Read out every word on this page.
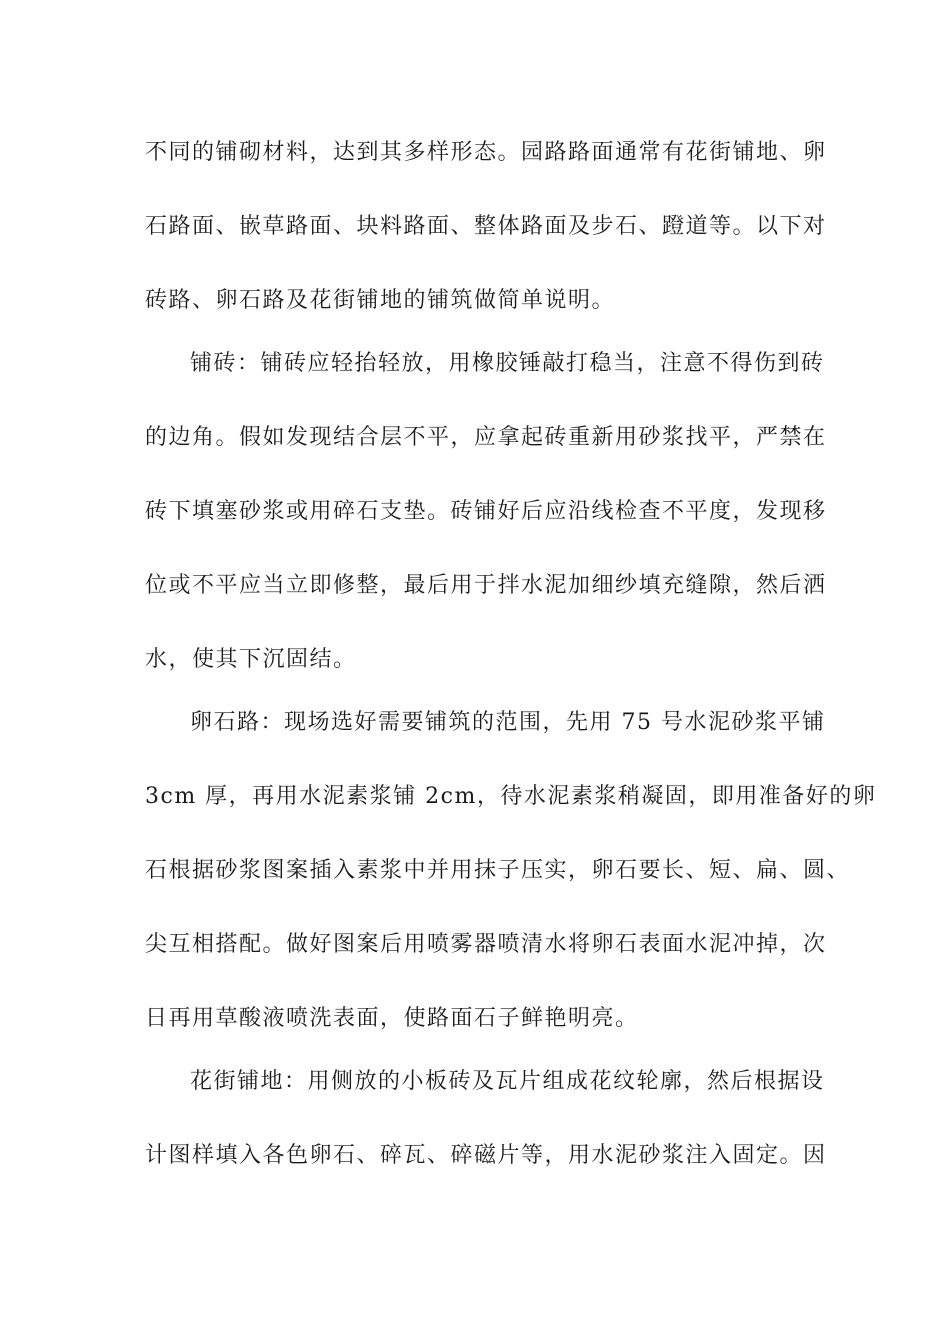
不同的铺砌材料，达到其多样形态。园路路面通常有花街铺地、卵
石路面、嵌草路面、块料路面、整体路面及步石、蹬道等。以下对
砖路、卵石路及花街铺地的铺筑做简单说明。
铺砖：铺砖应轻抬轻放，用橡胶锤敲打稳当，注意不得伤到砖
的边角。假如发现结合层不平，应拿起砖重新用砂浆找平，严禁在
砖下填塞砂浆或用碎石支垫。砖铺好后应沿线检查不平度，发现移
位或不平应当立即修整，最后用于拌水泥加细纱填充缝隙，然后洒
水，使其下沉固结。
卵石路：现场选好需要铺筑的范围，先用 75 号水泥砂浆平铺
3cm 厚，再用水泥素浆铺 2cm，待水泥素浆稍凝固，即用准备好的卵
石根据砂浆图案插入素浆中并用抹子压实，卵石要长、短、扁、圆、
尖互相搭配。做好图案后用喷雾器喷清水将卵石表面水泥冲掉，次
日再用草酸液喷洗表面，使路面石子鲜艳明亮。
花街铺地：用侧放的小板砖及瓦片组成花纹轮廓，然后根据设
计图样填入各色卵石、碎瓦、碎磁片等，用水泥砂浆注入固定。因
